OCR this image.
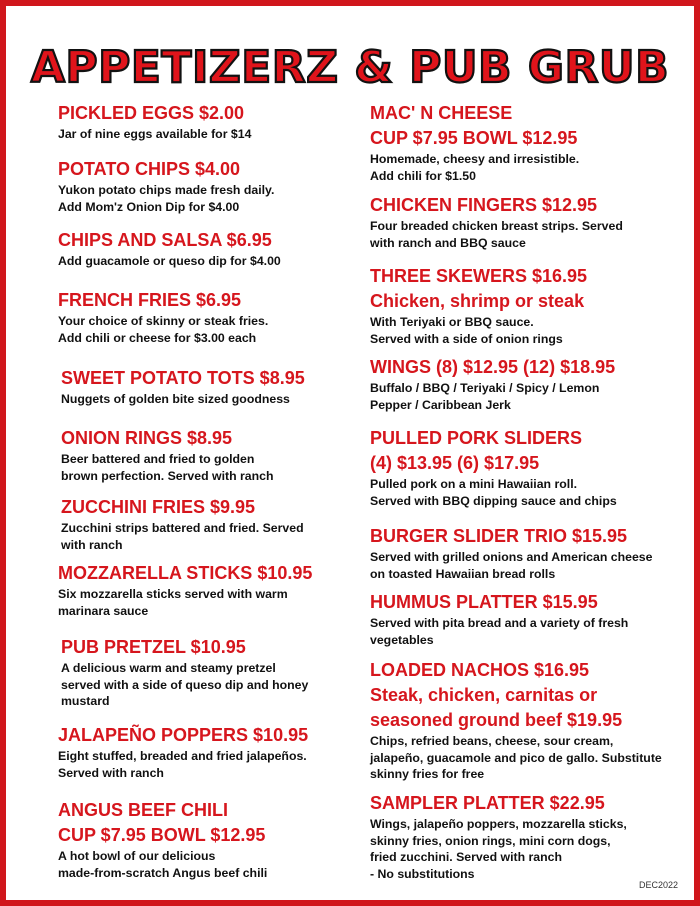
APPETIZERZ & PUB GRUB
PICKLED EGGS $2.00
Jar of nine eggs available for $14
POTATO CHIPS $4.00
Yukon potato chips made fresh daily.
Add Mom'z Onion Dip for $4.00
CHIPS AND SALSA $6.95
Add guacamole or queso dip for $4.00
FRENCH FRIES $6.95
Your choice of skinny or steak fries.
Add chili or cheese for $3.00 each
SWEET POTATO TOTS $8.95
Nuggets of golden bite sized goodness
ONION RINGS $8.95
Beer battered and fried to golden
brown perfection. Served with ranch
ZUCCHINI FRIES $9.95
Zucchini strips battered and fried. Served
with ranch
MOZZARELLA STICKS $10.95
Six mozzarella sticks served with warm
marinara sauce
PUB PRETZEL $10.95
A delicious warm and steamy pretzel
served with a side of queso dip and honey
mustard
JALAPEÑO POPPERS $10.95
Eight stuffed, breaded and fried jalapeños.
Served with ranch
ANGUS BEEF CHILI
CUP $7.95 BOWL $12.95
A hot bowl of our delicious
made-from-scratch Angus beef chili
MAC' N CHEESE
CUP $7.95 BOWL $12.95
Homemade, cheesy and irresistible.
Add chili for $1.50
CHICKEN FINGERS $12.95
Four breaded chicken breast strips. Served
with ranch and BBQ sauce
THREE SKEWERS $16.95
Chicken, shrimp or steak
With Teriyaki or BBQ sauce.
Served with a side of onion rings
WINGS (8) $12.95 (12) $18.95
Buffalo / BBQ / Teriyaki / Spicy / Lemon
Pepper / Caribbean Jerk
PULLED PORK SLIDERS
(4) $13.95 (6) $17.95
Pulled pork on a mini Hawaiian roll.
Served with BBQ dipping sauce and chips
BURGER SLIDER TRIO $15.95
Served with grilled onions and American cheese
on toasted Hawaiian bread rolls
HUMMUS PLATTER $15.95
Served with pita bread and a variety of fresh
vegetables
LOADED NACHOS $16.95
Steak, chicken, carnitas or
seasoned ground beef $19.95
Chips, refried beans, cheese, sour cream,
jalapeño, guacamole and pico de gallo. Substitute
skinny fries for free
SAMPLER PLATTER $22.95
Wings, jalapeño poppers, mozzarella sticks,
skinny fries, onion rings, mini corn dogs,
fried zucchini. Served with ranch
- No substitutions
DEC2022
